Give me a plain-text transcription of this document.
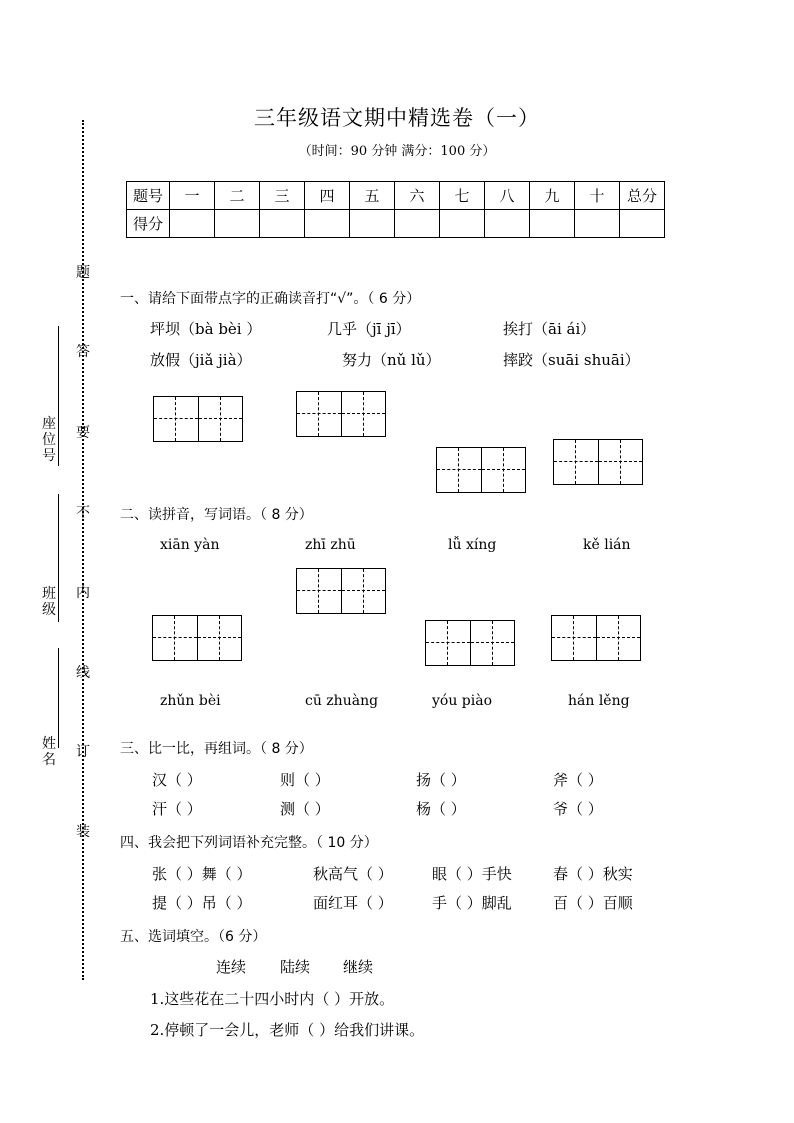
题
答
要
不
内
线
订
装
座位号
班级
姓名
三年级语文期中精选卷（一）
（时间：90 分钟 满分：100 分）
题号	一	二	三	四	五	六	七	八	九	十	总分
得分											
一、请给下面带点字的正确读音打“√”。（ 6 分）
坪坝（bà bèi ）	几乎（jī jī）	挨打（āi ái）
放假（jiǎ jià）	努力（nǔ lǔ）	摔跤（suāi shuāi）
二、读拼音，写词语。（ 8 分）
xiān yàn	zhī zhū	lǚ xíng	kě lián
zhǔn bèi	cū zhuàng	yóu piào	hán lěng
三、比一比，再组词。（ 8 分）
汉（ ）	则（ ）	扬（ ）	斧（ ）
汗（ ）	测（ ）	杨（ ）	爷（ ）
四、我会把下列词语补充完整。（ 10 分）
张（ ）舞（ ）	秋高气（ ）	眼（ ）手快	春（ ）秋实
提（ ）吊（ ）	面红耳（ ）	手（ ）脚乱	百（ ）百顺
五、选词填空。（6 分）
连续 陆续 继续
1.这些花在二十四小时内（ ）开放。
2.停顿了一会儿，老师（ ）给我们讲课。
